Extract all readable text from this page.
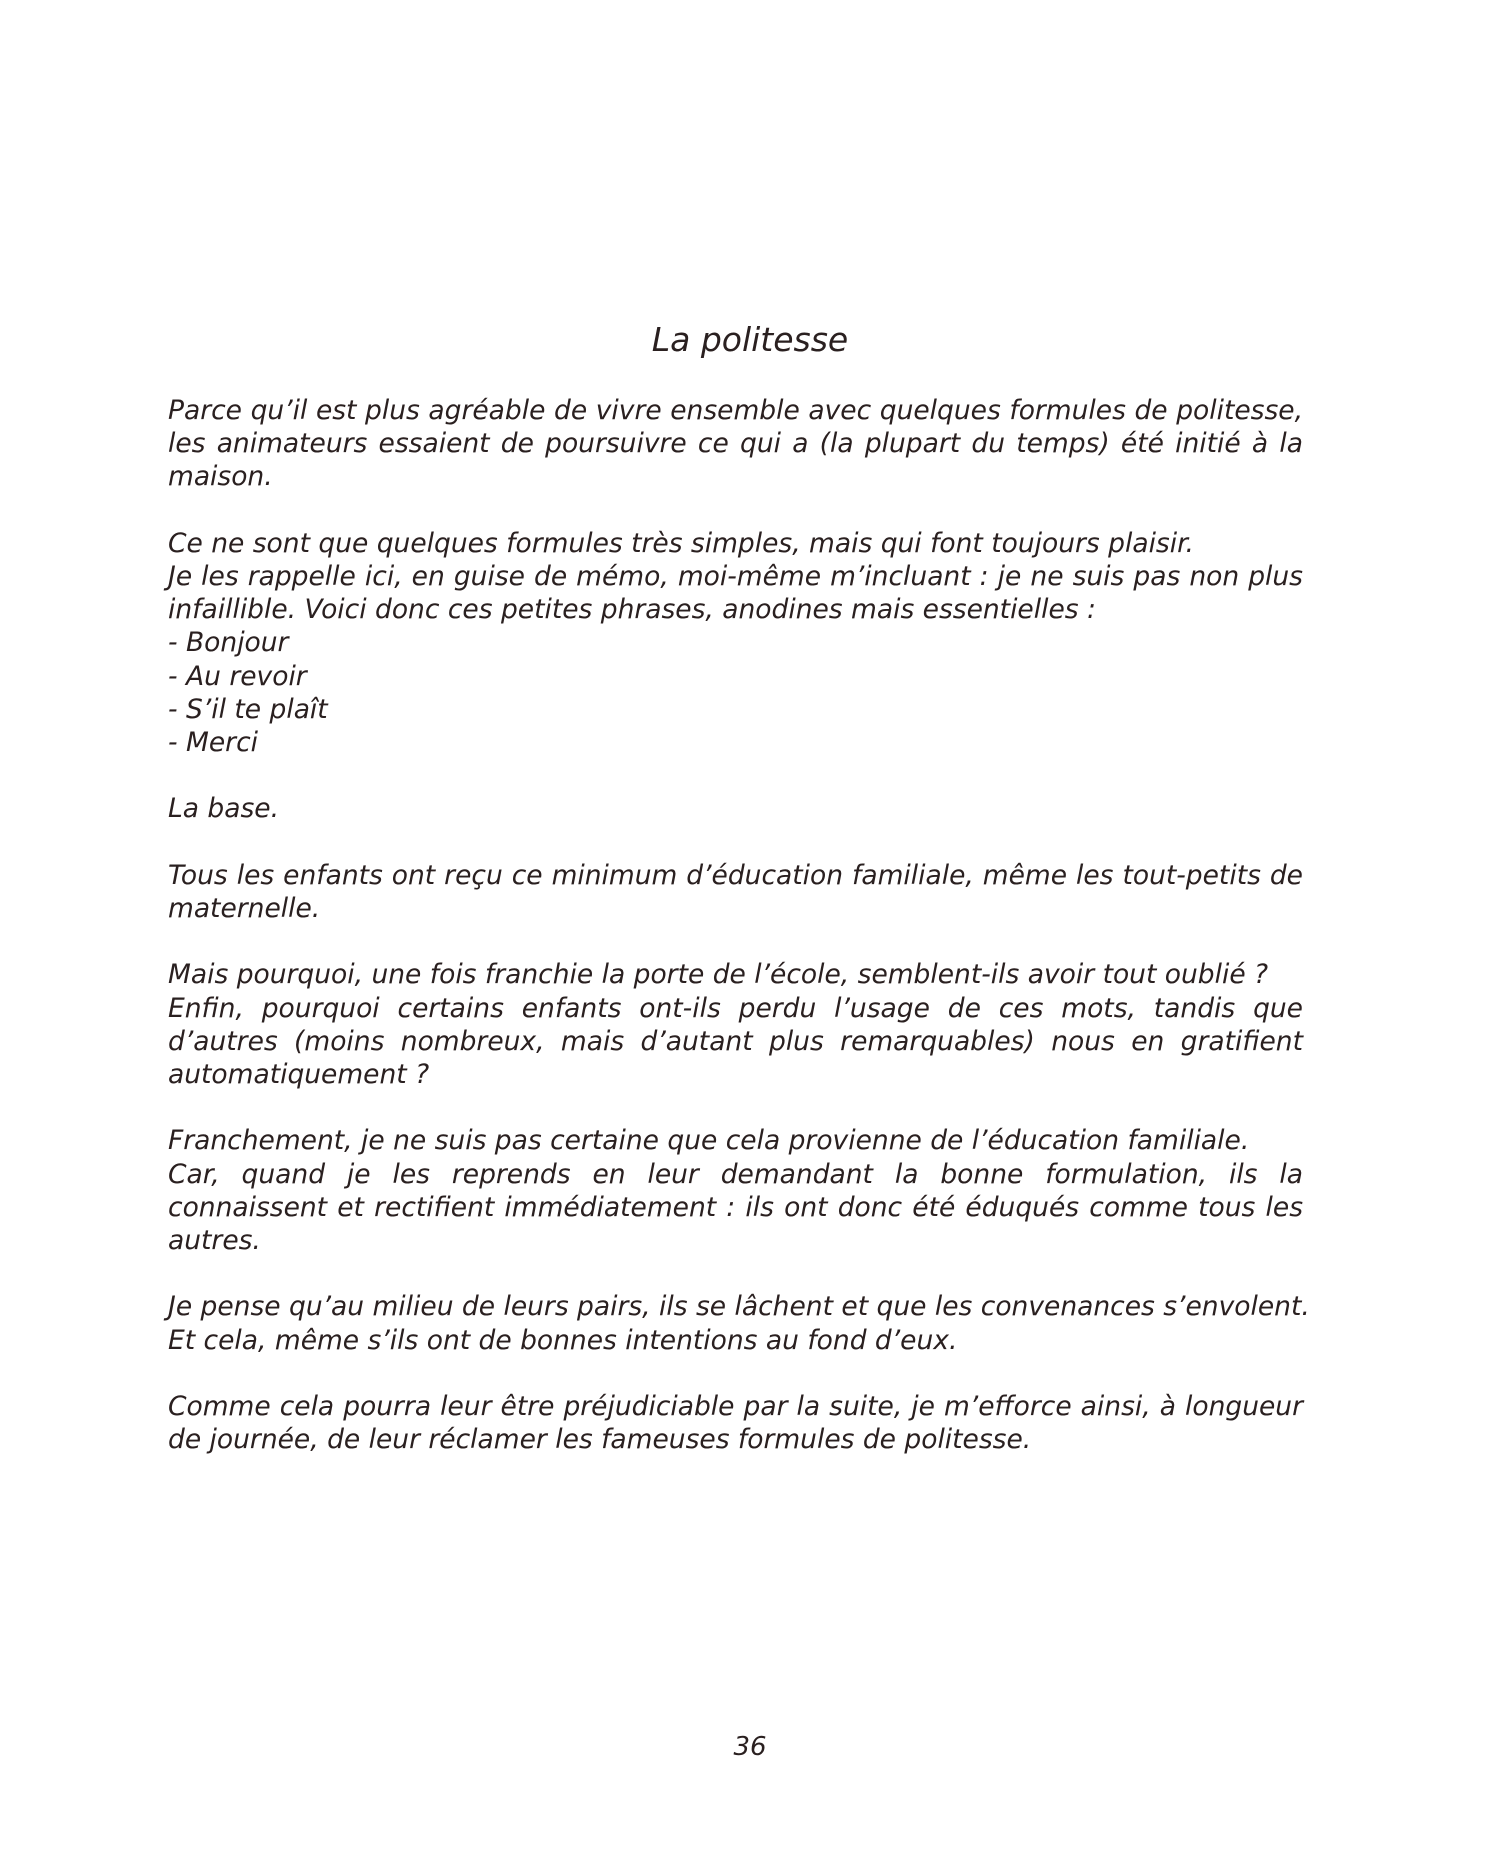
La politesse

Parce qu’il est plus agréable de vivre ensemble avec quelques formules de politesse, les animateurs essaient de poursuivre ce qui a (la plupart du temps) été initié à la maison.

Ce ne sont que quelques formules très simples, mais qui font toujours plaisir.
Je les rappelle ici, en guise de mémo, moi-même m’incluant : je ne suis pas non plus infaillible. Voici donc ces petites phrases, anodines mais essentielles :
- Bonjour
- Au revoir
- S’il te plaît
- Merci

La base.

Tous les enfants ont reçu ce minimum d’éducation familiale, même les tout-petits de maternelle.

Mais pourquoi, une fois franchie la porte de l’école, semblent-ils avoir tout oublié ?
Enfin, pourquoi certains enfants ont-ils perdu l’usage de ces mots, tandis que d’autres (moins nombreux, mais d’autant plus remarquables) nous en gratifient automatiquement ?
Franchement, je ne suis pas certaine que cela provienne de l’éducation familiale.
Car, quand je les reprends en leur demandant la bonne formulation, ils la connaissent et rectifient immédiatement : ils ont donc été éduqués comme tous les autres.
Je pense qu’au milieu de leurs pairs, ils se lâchent et que les convenances s’envolent.
Et cela, même s’ils ont de bonnes intentions au fond d’eux.

Comme cela pourra leur être préjudiciable par la suite, je m’efforce ainsi, à longueur de journée, de leur réclamer les fameuses formules de politesse.

36
